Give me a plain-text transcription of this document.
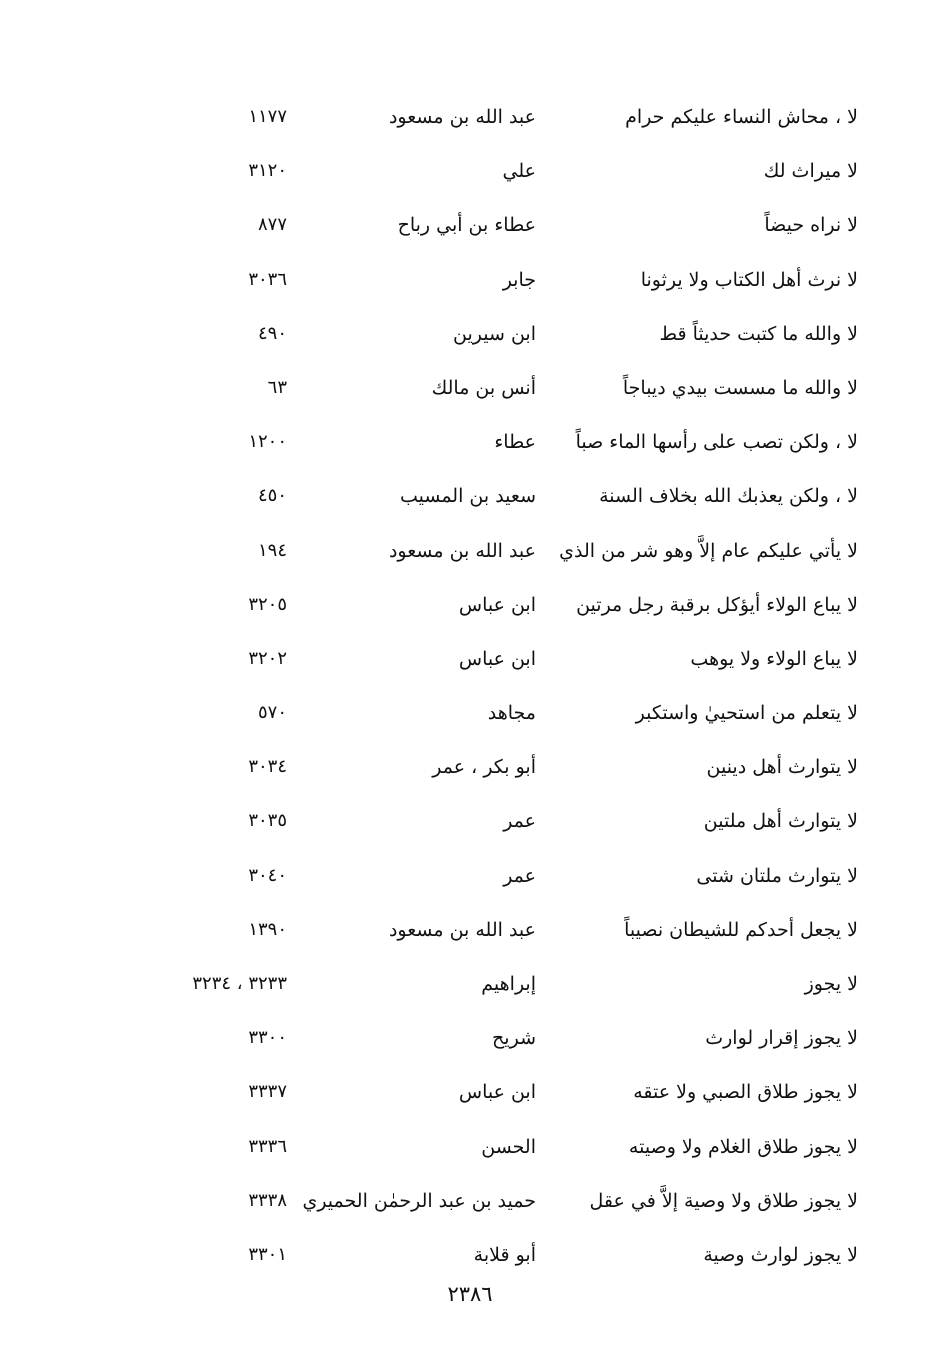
لا ، محاش النساء عليكم حرام
عبد الله بن مسعود
١١٧٧
لا ميراث لك
علي
٣١٢٠
لا نراه حيضاً
عطاء بن أبي رباح
٨٧٧
لا نرث أهل الكتاب ولا يرثونا
جابر
٣٠٣٦
لا والله ما كتبت حديثاً قط
ابن سيرين
٤٩٠
لا والله ما مسست بيدي ديباجاً
أنس بن مالك
٦٣
لا ، ولكن تصب على رأسها الماء صباً
عطاء
١٢٠٠
لا ، ولكن يعذبك الله بخلاف السنة
سعيد بن المسيب
٤٥٠
لا يأتي عليكم عام إلاَّ وهو شر من الذي
عبد الله بن مسعود
١٩٤
لا يباع الولاء أيؤكل برقبة رجل مرتين
ابن عباس
٣٢٠٥
لا يباع الولاء ولا يوهب
ابن عباس
٣٢٠٢
لا يتعلم من استحييٰ واستكبر
مجاهد
٥٧٠
لا يتوارث أهل دينين
أبو بكر ، عمر
٣٠٣٤
لا يتوارث أهل ملتين
عمر
٣٠٣٥
لا يتوارث ملتان شتى
عمر
٣٠٤٠
لا يجعل أحدكم للشيطان نصيباً
عبد الله بن مسعود
١٣٩٠
لا يجوز
إبراهيم
٣٢٣٣ ، ٣٢٣٤
لا يجوز إقرار لوارث
شريح
٣٣٠٠
لا يجوز طلاق الصبي ولا عتقه
ابن عباس
٣٣٣٧
لا يجوز طلاق الغلام ولا وصيته
الحسن
٣٣٣٦
لا يجوز طلاق ولا وصية إلاَّ في عقل
حميد بن عبد الرحمٰن الحميري
٣٣٣٨
لا يجوز لوارث وصية
أبو قلابة
٣٣٠١
٢٣٨٦
